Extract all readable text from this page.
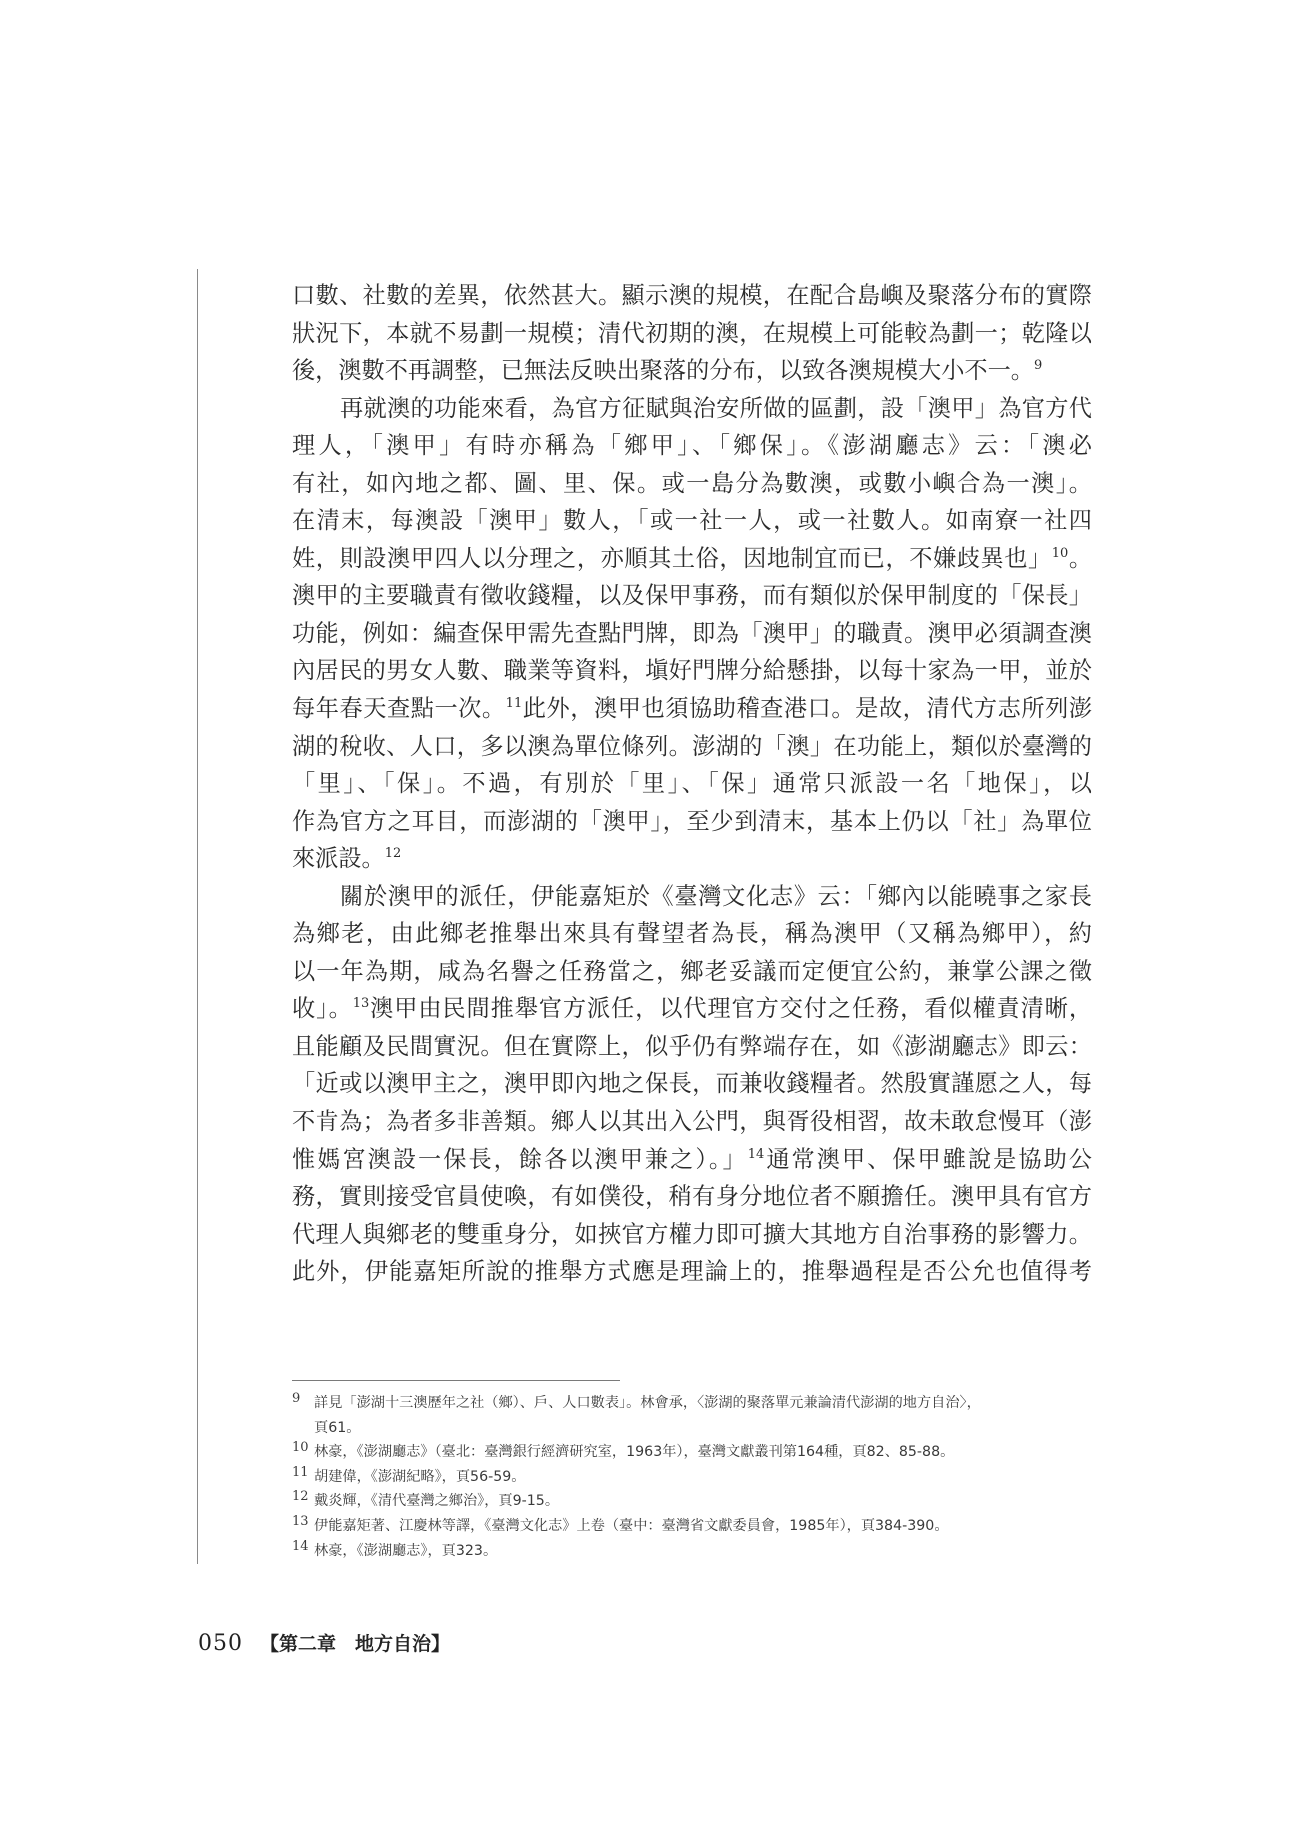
口數、社數的差異，依然甚大。顯示澳的規模，在配合島嶼及聚落分布的實際
狀況下，本就不易劃一規模；清代初期的澳，在規模上可能較為劃一；乾隆以
後，澳數不再調整，已無法反映出聚落的分布，以致各澳規模大小不一。$^9$
再就澳的功能來看，為官方征賦與治安所做的區劃，設「澳甲」為官方代
理人，「澳甲」有時亦稱為「鄉甲」、「鄉保」。《澎湖廳志》云：「澳必
有社，如內地之都、圖、里、保。或一島分為數澳，或數小嶼合為一澳」。
在清末，每澳設「澳甲」數人，「或一社一人，或一社數人。如南寮一社四
姓，則設澳甲四人以分理之，亦順其土俗，因地制宜而已，不嫌歧異也」$^{10}$。
澳甲的主要職責有徵收錢糧，以及保甲事務，而有類似於保甲制度的「保長」
功能，例如：編查保甲需先查點門牌，即為「澳甲」的職責。澳甲必須調查澳
內居民的男女人數、職業等資料，塡好門牌分給懸掛，以每十家為一甲，並於
每年春天查點一次。$^{11}$此外，澳甲也須協助稽查港口。是故，清代方志所列澎
湖的稅收、人口，多以澳為單位條列。澎湖的「澳」在功能上，類似於臺灣的
「里」、「保」。不過，有別於「里」、「保」通常只派設一名「地保」，以
作為官方之耳目，而澎湖的「澳甲」，至少到清末，基本上仍以「社」為單位
來派設。$^{12}$
關於澳甲的派任，伊能嘉矩於《臺灣文化志》云：「鄉內以能曉事之家長
為鄉老，由此鄉老推舉出來具有聲望者為長，稱為澳甲（又稱為鄉甲），約
以一年為期，咸為名譽之任務當之，鄉老妥議而定便宜公約，兼掌公課之徵
收」。$^{13}$澳甲由民間推舉官方派任，以代理官方交付之任務，看似權責清晰，
且能顧及民間實況。但在實際上，似乎仍有弊端存在，如《澎湖廳志》即云：
「近或以澳甲主之，澳甲即內地之保長，而兼收錢糧者。然殷實謹愿之人，每
不肯為；為者多非善類。鄉人以其出入公門，與胥役相習，故未敢怠慢耳（澎
惟媽宮澳設一保長，餘各以澳甲兼之）。」$^{14}$通常澳甲、保甲雖說是協助公
務，實則接受官員使喚，有如僕役，稍有身分地位者不願擔任。澳甲具有官方
代理人與鄉老的雙重身分，如挾官方權力即可擴大其地方自治事務的影響力。
此外，伊能嘉矩所說的推舉方式應是理論上的，推舉過程是否公允也值得考
9 詳見「澎湖十三澳歷年之社（鄉）、戶、人口數表」。林會承，〈澎湖的聚落單元兼論清代澎湖的地方自治〉，
頁61。
10 林豪，《澎湖廳志》（臺北：臺灣銀行經濟研究室，1963年），臺灣文獻叢刊第164種，頁82、85-88。
11 胡建偉，《澎湖紀略》，頁56-59。
12 戴炎輝，《清代臺灣之鄉治》，頁9-15。
13 伊能嘉矩著、江慶林等譯，《臺灣文化志》上卷（臺中：臺灣省文獻委員會，1985年），頁384-390。
14 林豪，《澎湖廳志》，頁323。
050 【第二章　地方自治】
